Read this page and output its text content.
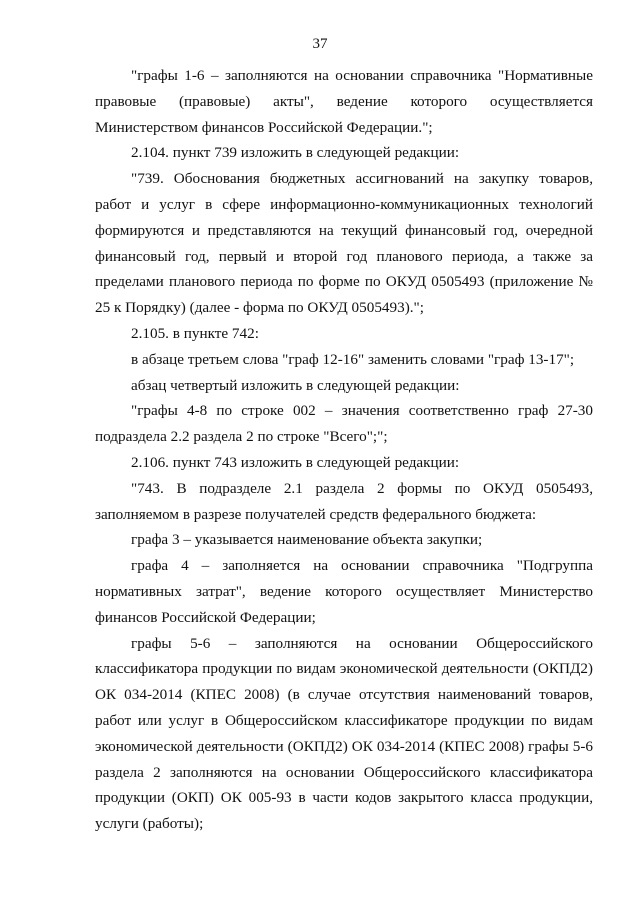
37

"графы 1-6 – заполняются на основании справочника "Нормативные правовые (правовые) акты", ведение которого осуществляется Министерством финансов Российской Федерации.";

2.104. пункт 739 изложить в следующей редакции:

"739. Обоснования бюджетных ассигнований на закупку товаров, работ и услуг в сфере информационно-коммуникационных технологий формируются и представляются на текущий финансовый год, очередной финансовый год, первый и второй год планового периода, а также за пределами планового периода по форме по ОКУД 0505493 (приложение № 25 к Порядку) (далее - форма по ОКУД 0505493).";

2.105. в пункте 742:

в абзаце третьем слова "граф 12-16" заменить словами "граф 13-17";

абзац четвертый изложить в следующей редакции:

"графы 4-8 по строке 002 – значения соответственно граф 27-30 подраздела 2.2 раздела 2 по строке "Всего";";

2.106. пункт 743 изложить в следующей редакции:

"743. В подразделе 2.1 раздела 2 формы по ОКУД 0505493, заполняемом в разрезе получателей средств федерального бюджета:

графа 3 – указывается наименование объекта закупки;

графа 4 – заполняется на основании справочника "Подгруппа нормативных затрат", ведение которого осуществляет Министерство финансов Российской Федерации;

графы 5-6 – заполняются на основании Общероссийского классификатора продукции по видам экономической деятельности (ОКПД2) ОК 034-2014 (КПЕС 2008) (в случае отсутствия наименований товаров, работ или услуг в Общероссийском классификаторе продукции по видам экономической деятельности (ОКПД2) ОК 034-2014 (КПЕС 2008) графы 5-6 раздела 2 заполняются на основании Общероссийского классификатора продукции (ОКП) ОК 005-93 в части кодов закрытого класса продукции, услуги (работы);
